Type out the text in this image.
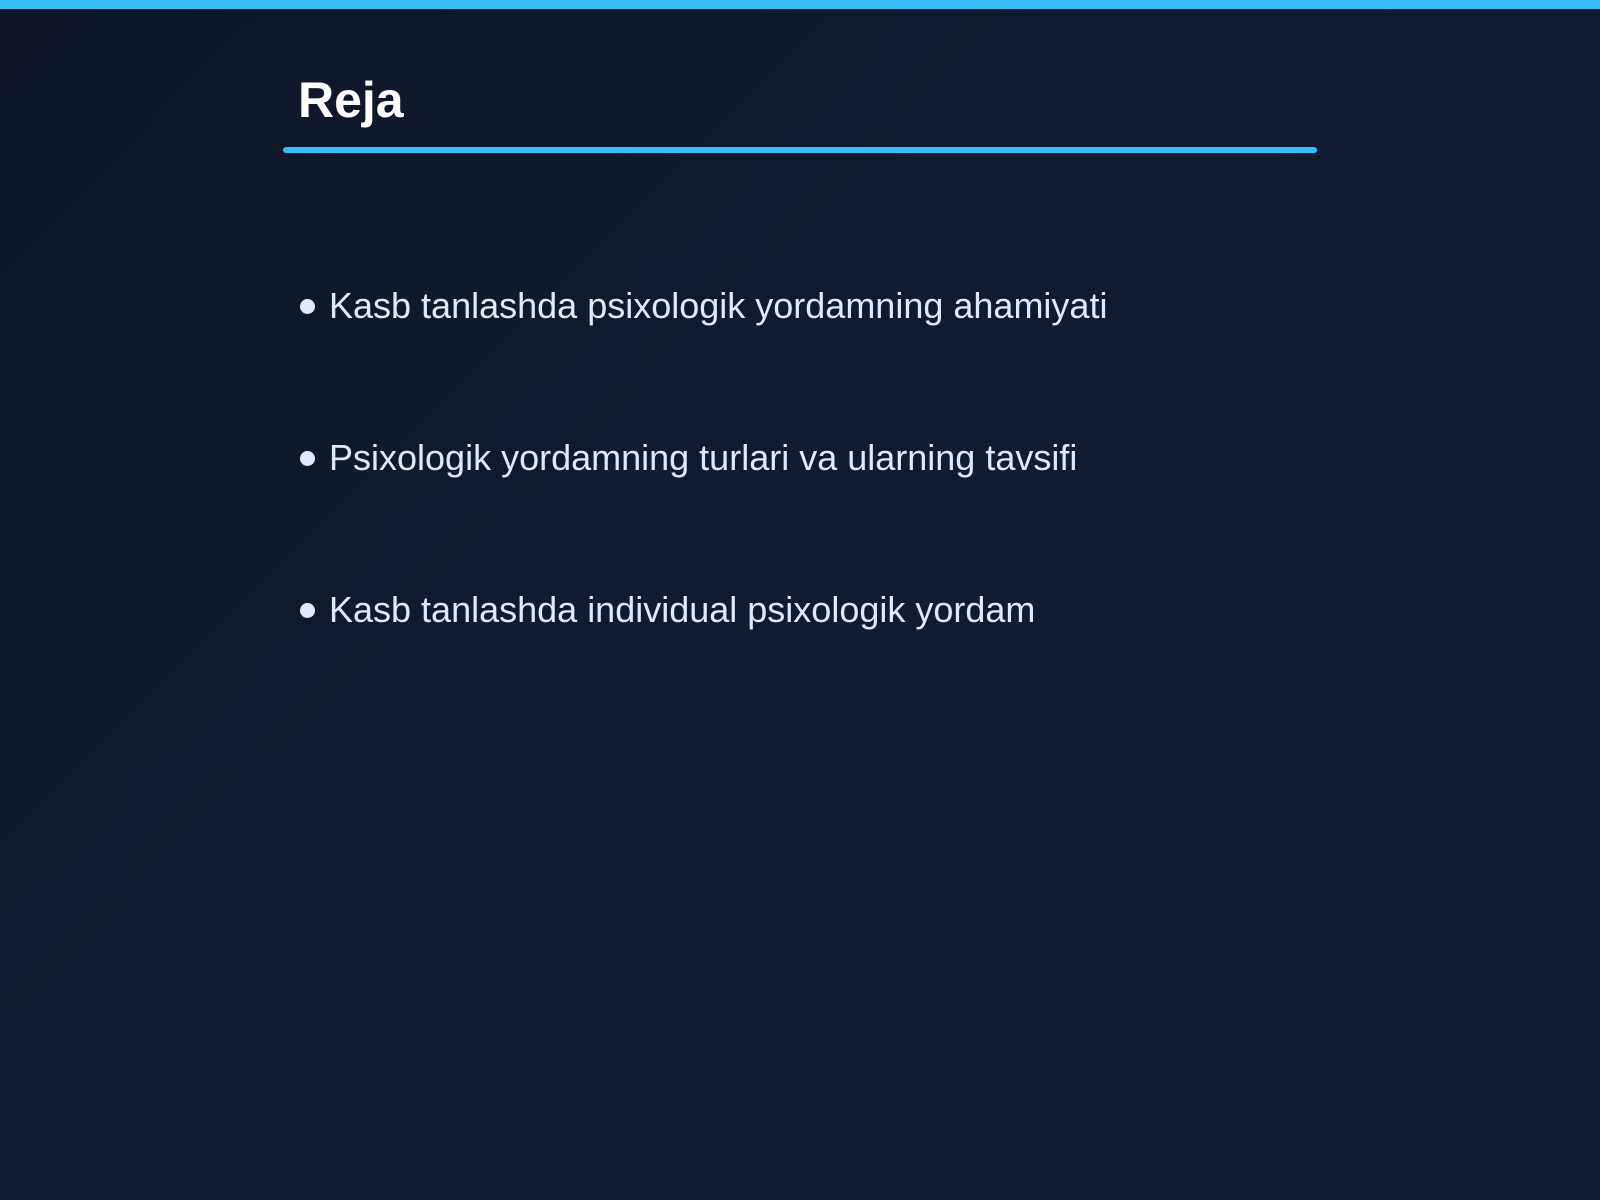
Reja
Kasb tanlashda psixologik yordamning ahamiyati
Psixologik yordamning turlari va ularning tavsifi
Kasb tanlashda individual psixologik yordam
